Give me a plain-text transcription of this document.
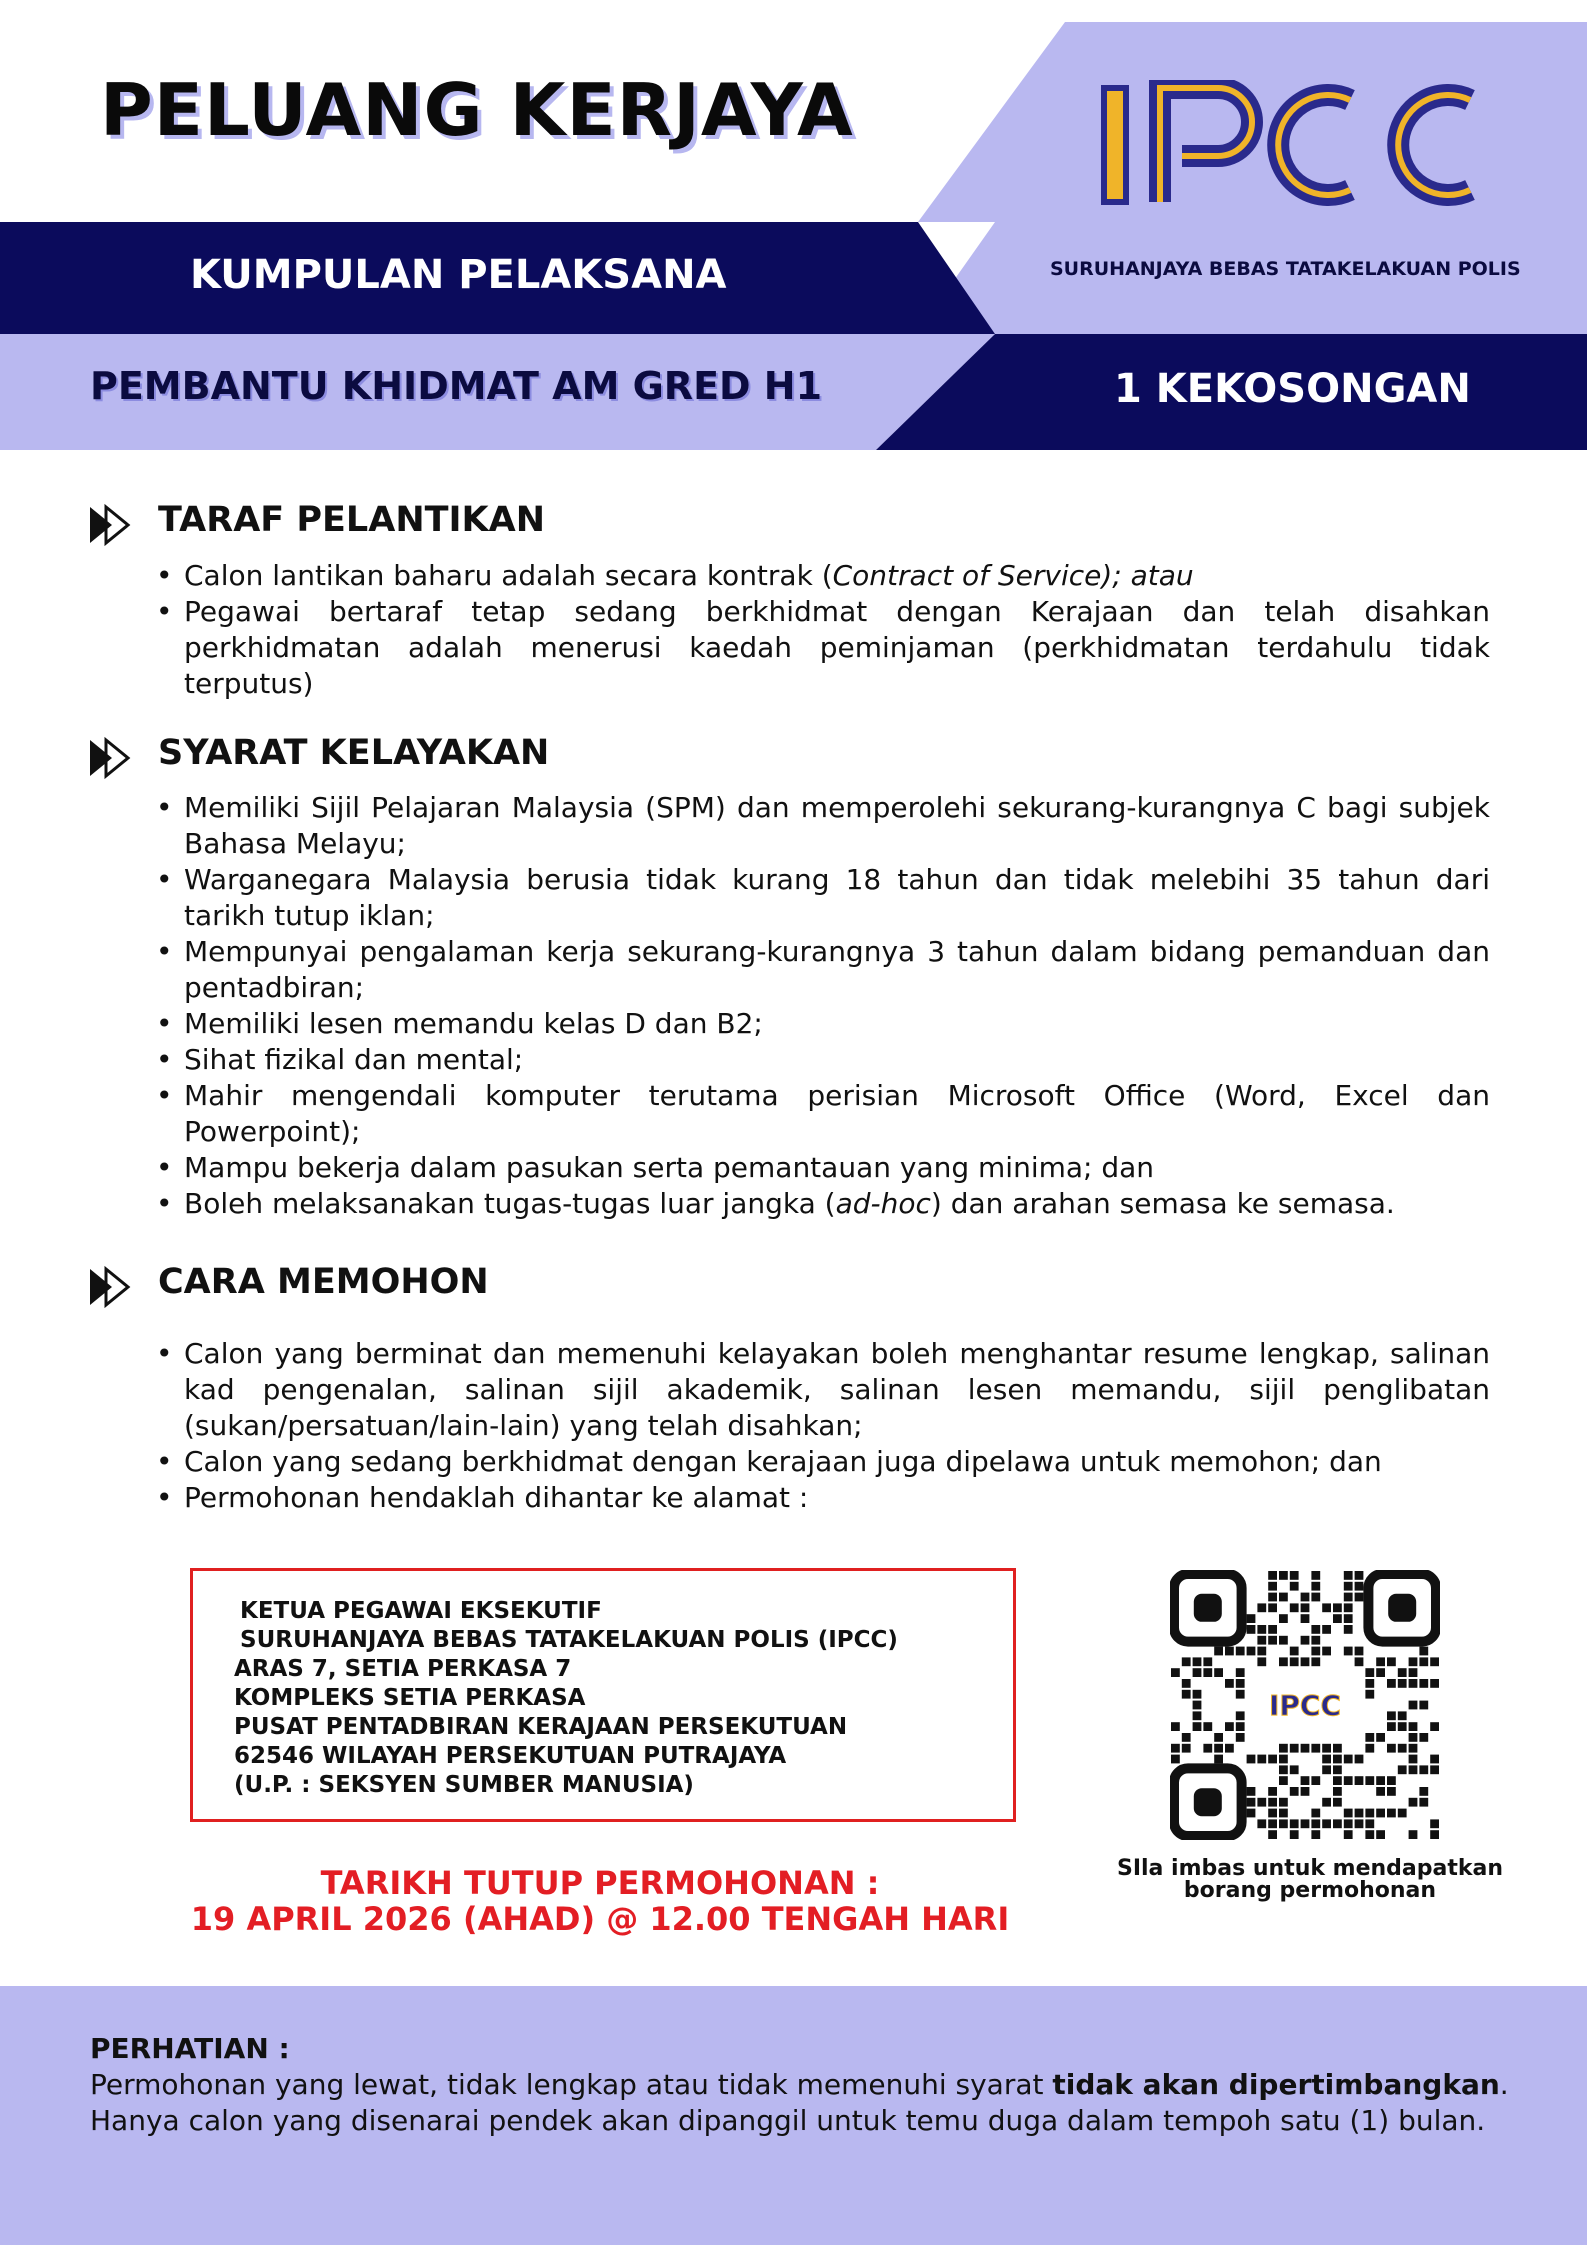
PELUANG KERJAYA
KUMPULAN PELAKSANA
PEMBANTU KHIDMAT AM GRED H1	1 KEKOSONGAN
SURUHANJAYA BEBAS TATAKELAKUAN POLIS
TARAF PELANTIKAN
• Calon lantikan baharu adalah secara kontrak (Contract of Service); atau
• Pegawai bertaraf tetap sedang berkhidmat dengan Kerajaan dan telah disahkan perkhidmatan adalah menerusi kaedah peminjaman (perkhidmatan terdahulu tidak terputus)
SYARAT KELAYAKAN
• Memiliki Sijil Pelajaran Malaysia (SPM) dan memperolehi sekurang-kurangnya C bagi subjek Bahasa Melayu;
• Warganegara Malaysia berusia tidak kurang 18 tahun dan tidak melebihi 35 tahun dari tarikh tutup iklan;
• Mempunyai pengalaman kerja sekurang-kurangnya 3 tahun dalam bidang pemanduan dan pentadbiran;
• Memiliki lesen memandu kelas D dan B2;
• Sihat fizikal dan mental;
• Mahir mengendali komputer terutama perisian Microsoft Office (Word, Excel dan Powerpoint);
• Mampu bekerja dalam pasukan serta pemantauan yang minima; dan
• Boleh melaksanakan tugas-tugas luar jangka (ad-hoc) dan arahan semasa ke semasa.
CARA MEMOHON
• Calon yang berminat dan memenuhi kelayakan boleh menghantar resume lengkap, salinan kad pengenalan, salinan sijil akademik, salinan lesen memandu, sijil penglibatan (sukan/persatuan/lain-lain) yang telah disahkan;
• Calon yang sedang berkhidmat dengan kerajaan juga dipelawa untuk memohon; dan
• Permohonan hendaklah dihantar ke alamat :
KETUA PEGAWAI EKSEKUTIF
SURUHANJAYA BEBAS TATAKELAKUAN POLIS (IPCC)
ARAS 7, SETIA PERKASA 7
KOMPLEKS SETIA PERKASA
PUSAT PENTADBIRAN KERAJAAN PERSEKUTUAN
62546 WILAYAH PERSEKUTUAN PUTRAJAYA
(U.P. : SEKSYEN SUMBER MANUSIA)
TARIKH TUTUP PERMOHONAN :
19 APRIL 2026 (AHAD) @ 12.00 TENGAH HARI
IPCC
SIla imbas untuk mendapatkan
borang permohonan
PERHATIAN :
Permohonan yang lewat, tidak lengkap atau tidak memenuhi syarat tidak akan dipertimbangkan.
Hanya calon yang disenarai pendek akan dipanggil untuk temu duga dalam tempoh satu (1) bulan.
